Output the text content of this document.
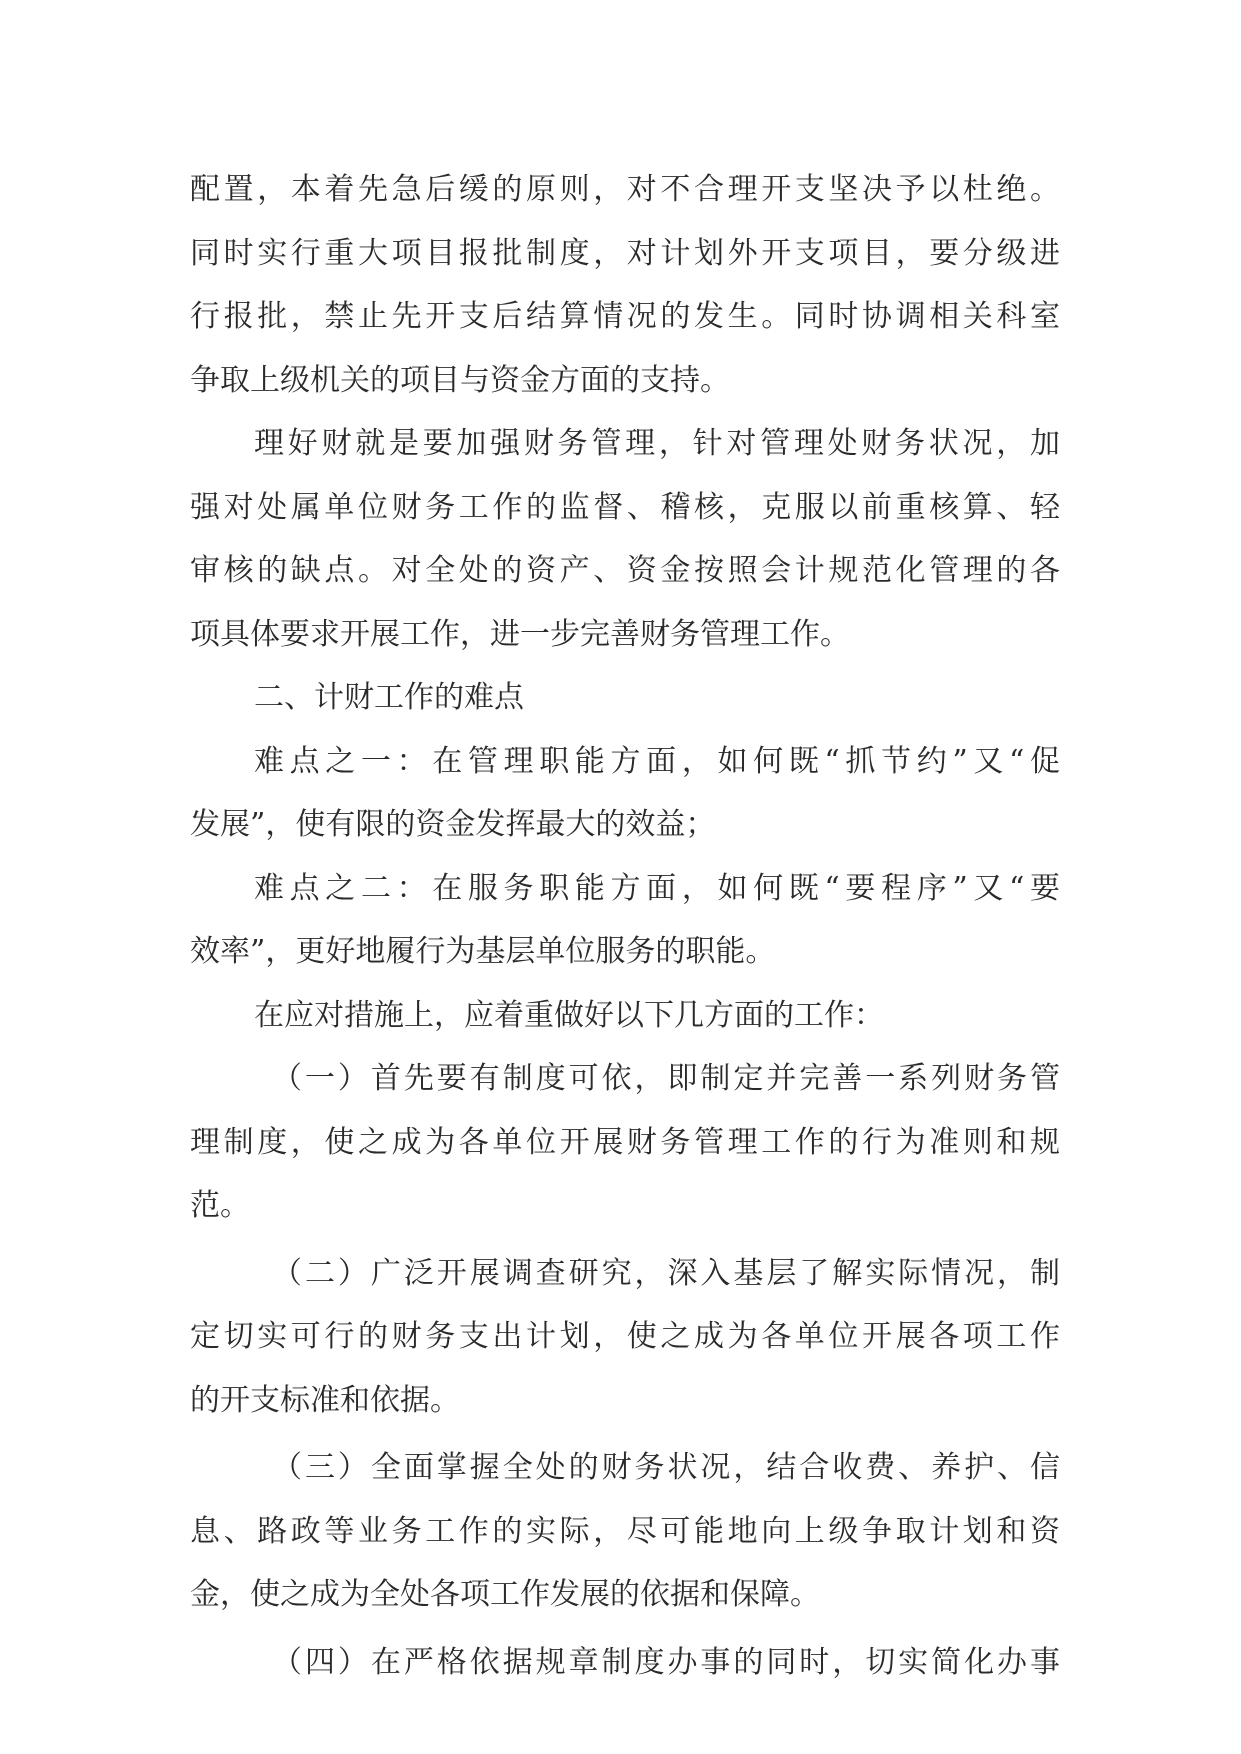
配置，本着先急后缓的原则，对不合理开支坚决予以杜绝。
同时实行重大项目报批制度，对计划外开支项目，要分级进
行报批，禁止先开支后结算情况的发生。同时协调相关科室
争取上级机关的项目与资金方面的支持。
理好财就是要加强财务管理，针对管理处财务状况，加
强对处属单位财务工作的监督、稽核，克服以前重核算、轻
审核的缺点。对全处的资产、资金按照会计规范化管理的各
项具体要求开展工作，进一步完善财务管理工作。
二、计财工作的难点
难点之一：在管理职能方面，如何既“抓节约”又“促
发展”，使有限的资金发挥最大的效益；
难点之二：在服务职能方面，如何既“要程序”又“要
效率”，更好地履行为基层单位服务的职能。
在应对措施上，应着重做好以下几方面的工作：
（一）首先要有制度可依，即制定并完善一系列财务管
理制度，使之成为各单位开展财务管理工作的行为准则和规
范。
（二）广泛开展调查研究，深入基层了解实际情况，制
定切实可行的财务支出计划，使之成为各单位开展各项工作
的开支标准和依据。
（三）全面掌握全处的财务状况，结合收费、养护、信
息、路政等业务工作的实际，尽可能地向上级争取计划和资
金，使之成为全处各项工作发展的依据和保障。
（四）在严格依据规章制度办事的同时，切实简化办事
